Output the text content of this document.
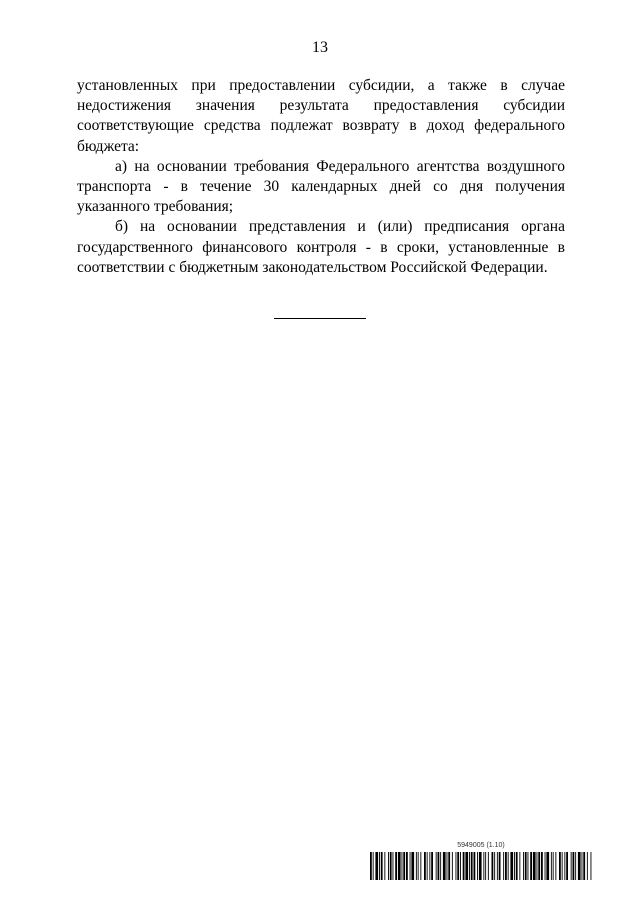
13

установленных при предоставлении субсидии, а также в случае недостижения значения результата предоставления субсидии соответствующие средства подлежат возврату в доход федерального бюджета:

а) на основании требования Федерального агентства воздушного транспорта - в течение 30 календарных дней со дня получения указанного требования;

б) на основании представления и (или) предписания органа государственного финансового контроля - в сроки, установленные в соответствии с бюджетным законодательством Российской Федерации.

5949005 (1.10)
